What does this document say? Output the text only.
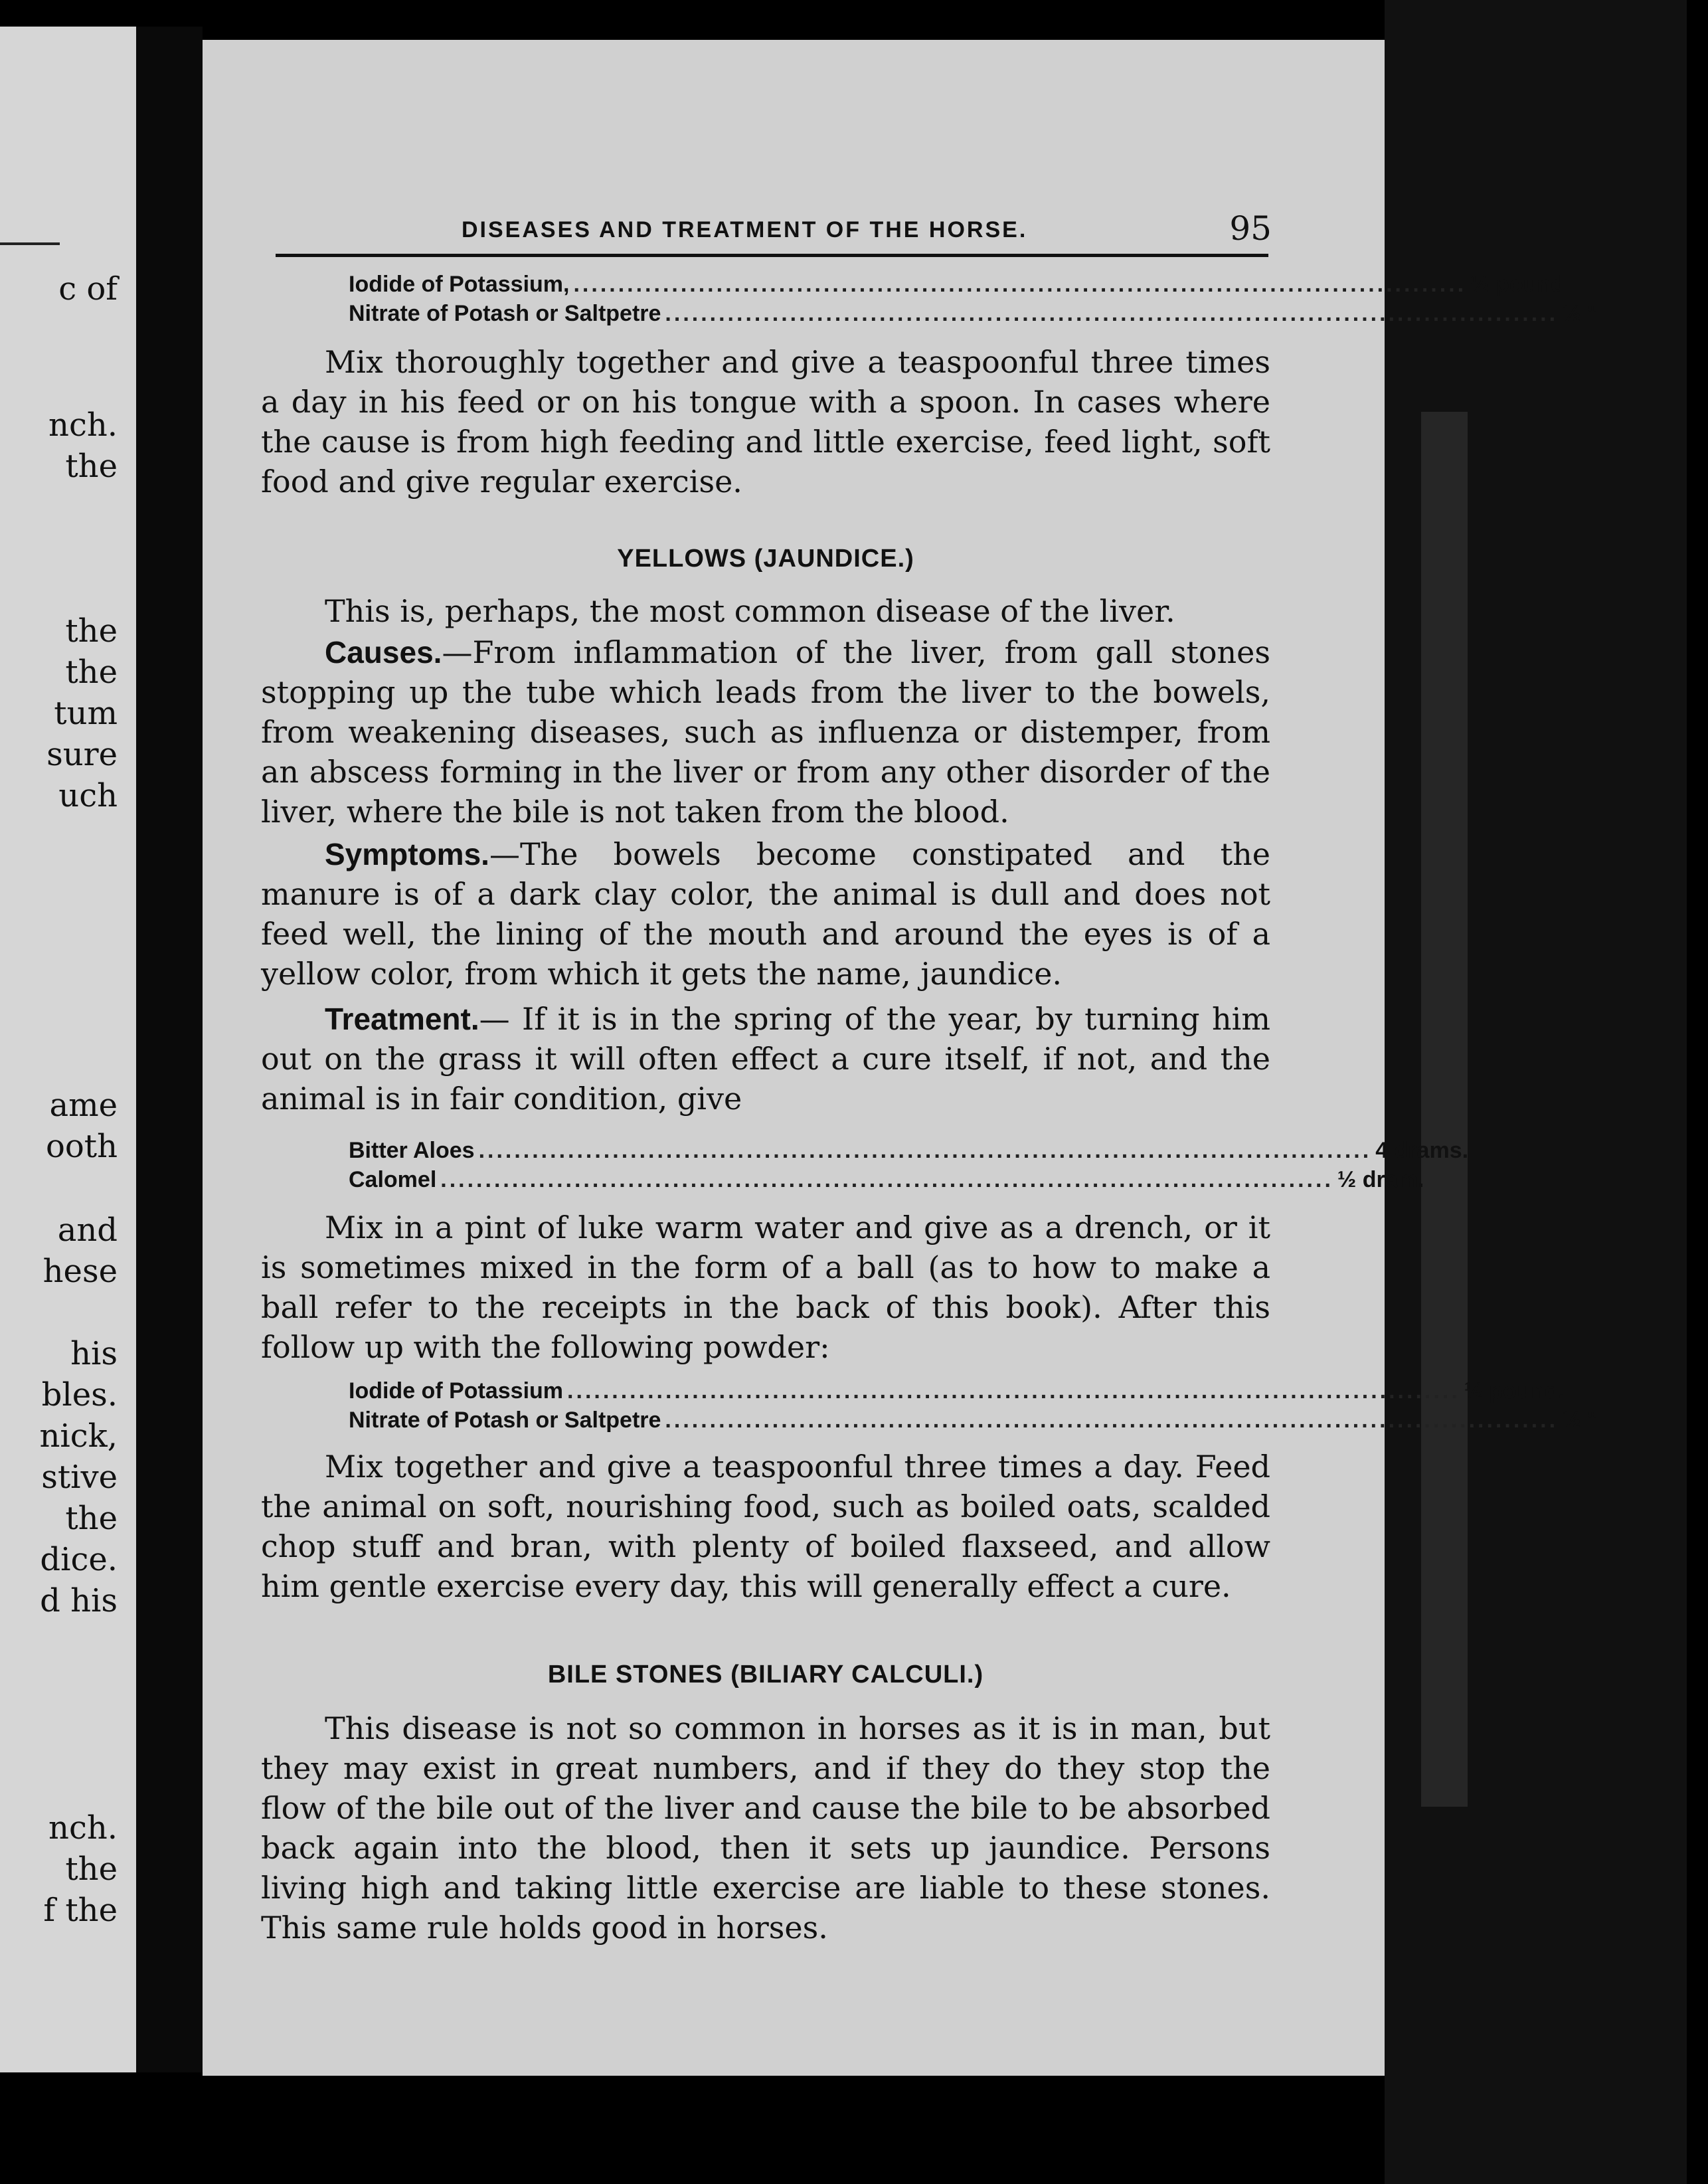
c of
nch.
the
the
the
tum
sure
uch
ame
ooth
and
hese
his
bles.
nick,
stive
the
dice.
d his
nch.
the
f the
DISEASES AND TREATMENT OF THE HORSE.	95
Iodide of Potassium, .................................................................................................... ½ pound
Nitrate of Potash or Saltpetre .................................................................................................... ½ "

Mix thoroughly together and give a teaspoonful three times a day in his feed or on his tongue with a spoon. In cases where the cause is from high feeding and little exercise, feed light, soft food and give regular exercise.

YELLOWS (JAUNDICE.)

This is, perhaps, the most common disease of the liver.

Causes.—From inflammation of the liver, from gall stones stopping up the tube which leads from the liver to the bowels, from weakening diseases, such as influenza or distemper, from an abscess forming in the liver or from any other disorder of the liver, where the bile is not taken from the blood.

Symptoms.—The bowels become constipated and the manure is of a dark clay color, the animal is dull and does not feed well, the lining of the mouth and around the eyes is of a yellow color, from which it gets the name, jaundice.

Treatment.— If it is in the spring of the year, by turning him out on the grass it will often effect a cure itself, if not, and the animal is in fair condition, give

Bitter Aloes .................................................................................................... 4 drams.
Calomel .................................................................................................... ½ dram.

Mix in a pint of luke warm water and give as a drench, or it is sometimes mixed in the form of a ball (as to how to make a ball refer to the receipts in the back of this book). After this follow up with the following powder:

Iodide of Potassium .................................................................................................... ½ pound.
Nitrate of Potash or Saltpetre .................................................................................................... ½ "

Mix together and give a teaspoonful three times a day. Feed the animal on soft, nourishing food, such as boiled oats, scalded chop stuff and bran, with plenty of boiled flaxseed, and allow him gentle exercise every day, this will generally effect a cure.

BILE STONES (BILIARY CALCULI.)

This disease is not so common in horses as it is in man, but they may exist in great numbers, and if they do they stop the flow of the bile out of the liver and cause the bile to be absorbed back again into the blood, then it sets up jaundice. Persons living high and taking little exercise are liable to these stones. This same rule holds good in horses.
